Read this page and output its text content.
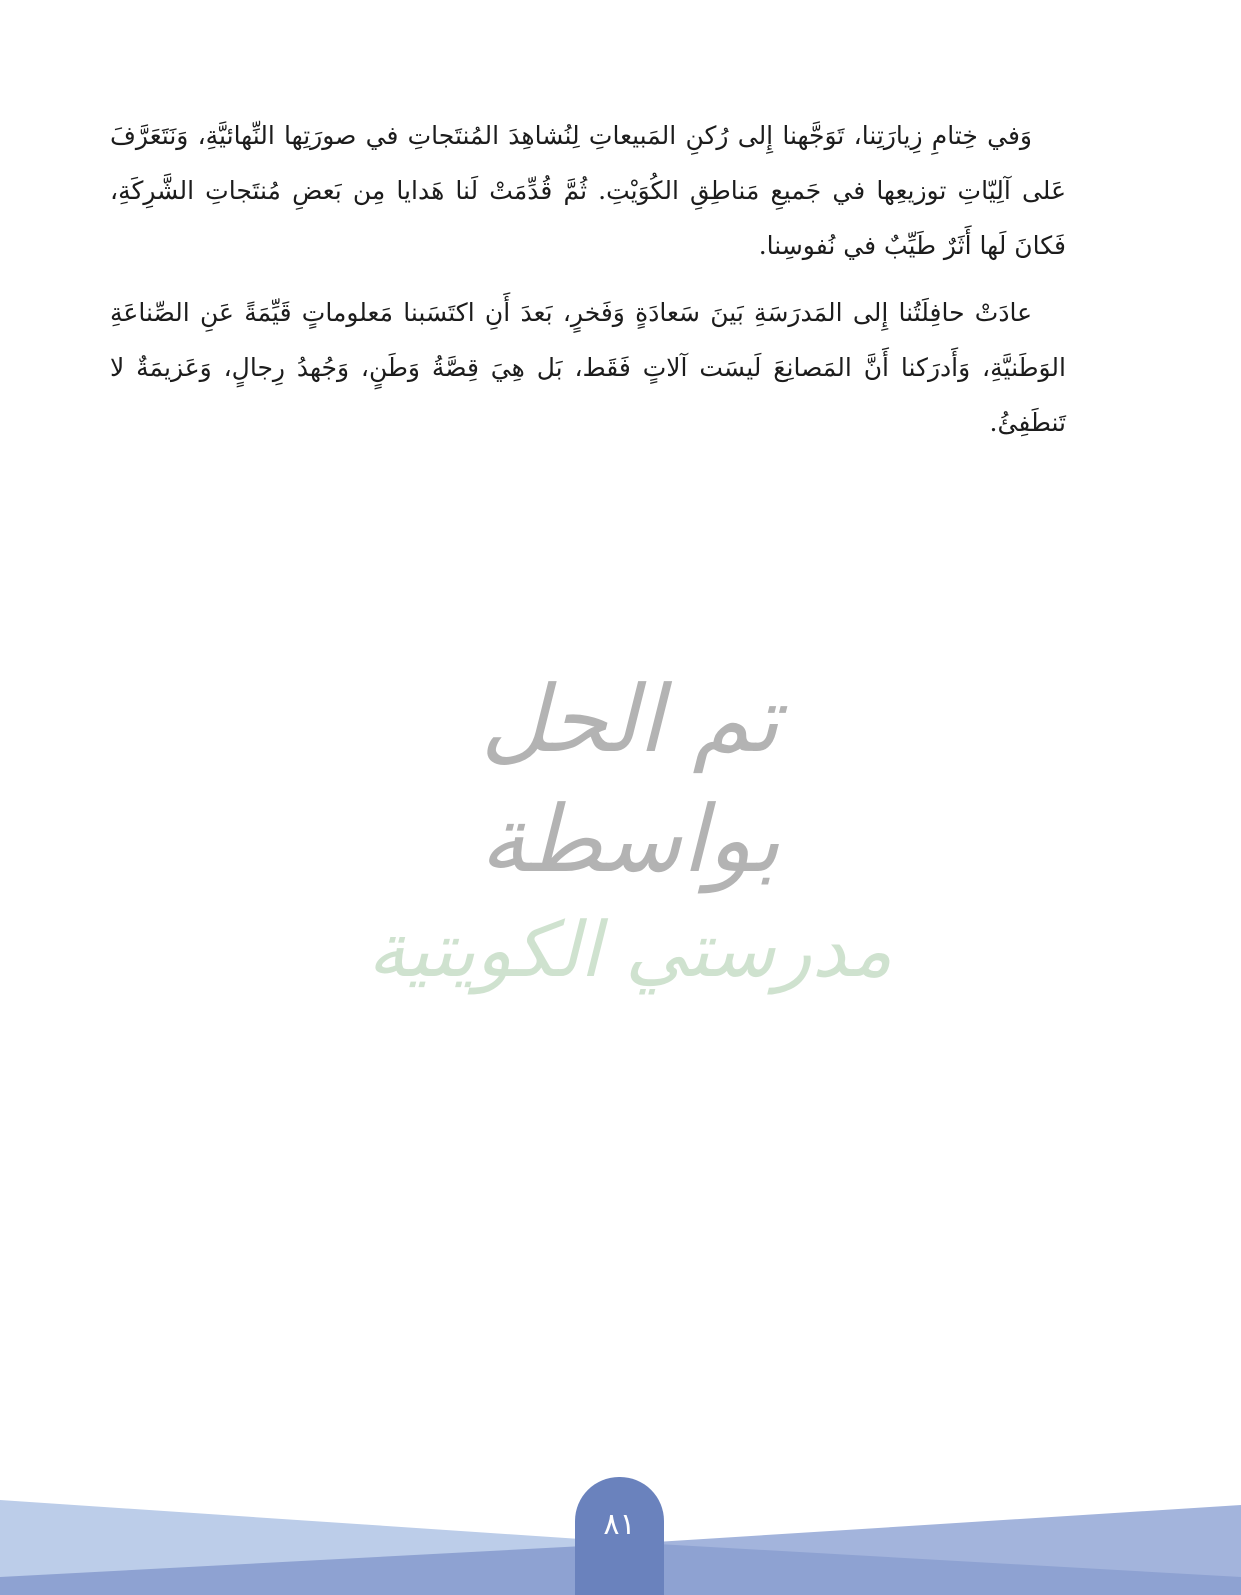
وَفي خِتامِ زِيارَتِنا، تَوَجَّهنا إِلى رُكنِ المَبيعاتِ لِنُشاهِدَ المُنتَجاتِ في صورَتِها النِّهائيَّةِ، وَنَتَعَرَّفَ عَلى آلِيّاتِ توزيعِها في جَميعِ مَناطِقِ الكُوَيْتِ. ثُمَّ قُدِّمَتْ لَنا هَدايا مِن بَعضِ مُنتَجاتِ الشَّرِكَةِ، فَكانَ لَها أَثَرٌ طَيِّبٌ في نُفوسِنا.

عادَتْ حافِلَتُنا إِلى المَدرَسَةِ بَينَ سَعادَةٍ وَفَخرٍ، بَعدَ أَنِ اكتَسَبنا مَعلوماتٍ قَيِّمَةً عَنِ الصِّناعَةِ الوَطَنيَّةِ، وَأَدرَكنا أَنَّ المَصانِعَ لَيسَت آلاتٍ فَقَط، بَل هِيَ قِصَّةُ وَطَنٍ، وَجُهدُ رِجالٍ، وَعَزيمَةٌ لا تَنطَفِئُ.

تم الحل بواسطة
مدرستي الكويتية
٨١
